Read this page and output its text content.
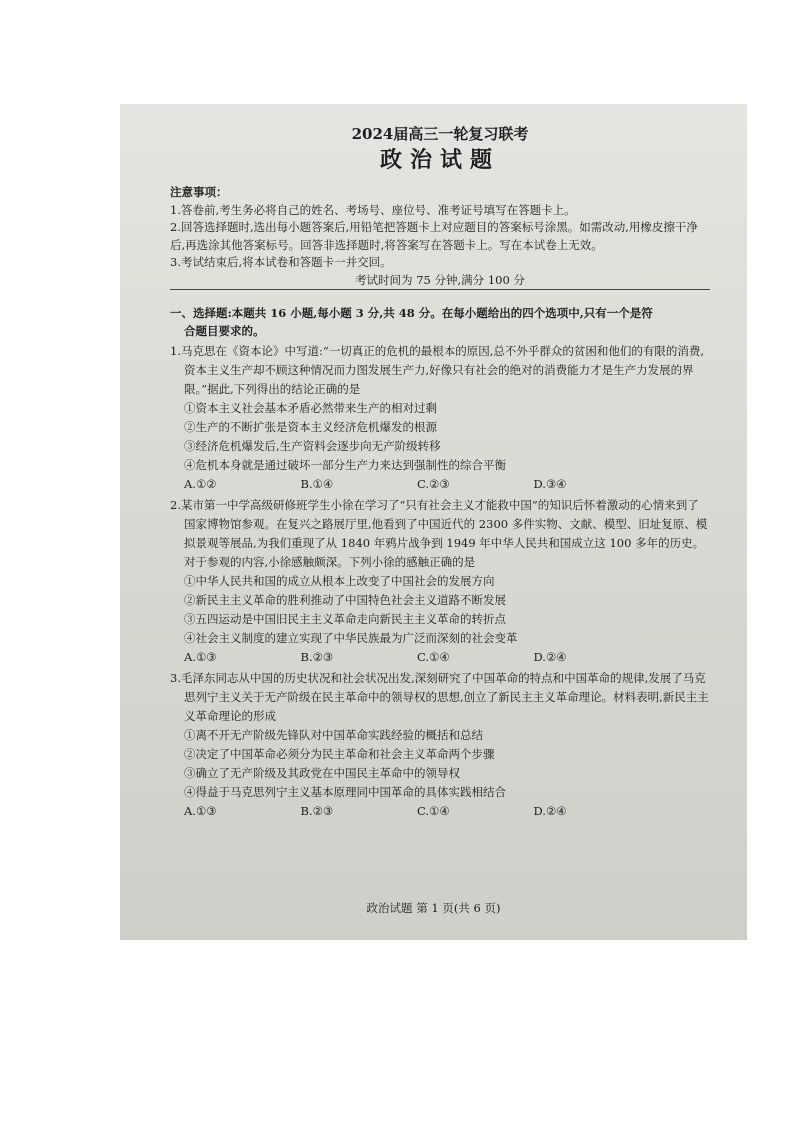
2024届高三一轮复习联考

政治试题

注意事项：

1.答卷前,考生务必将自己的姓名、考场号、座位号、准考证号填写在答题卡上。

2.回答选择题时,选出每小题答案后,用铅笔把答题卡上对应题目的答案标号涂黑。如需改动,用橡皮擦干净后,再选涂其他答案标号。回答非选择题时,将答案写在答题卡上。写在本试卷上无效。

3.考试结束后,将本试卷和答题卡一并交回。

考试时间为 75 分钟,满分 100 分

一、选择题:本题共 16 小题,每小题 3 分,共 48 分。在每小题给出的四个选项中,只有一个是符
合题目要求的。

1.马克思在《资本论》中写道:“一切真正的危机的最根本的原因,总不外乎群众的贫困和他们的有限的消费,资本主义生产却不顾这种情况而力图发展生产力,好像只有社会的绝对的消费能力才是生产力发展的界限。”据此,下列得出的结论正确的是

①资本主义社会基本矛盾必然带来生产的相对过剩

②生产的不断扩张是资本主义经济危机爆发的根源

③经济危机爆发后,生产资料会逐步向无产阶级转移

④危机本身就是通过破坏一部分生产力来达到强制性的综合平衡

A.①②	B.①④	C.②③	D.③④

2.某市第一中学高级研修班学生小徐在学习了“只有社会主义才能救中国”的知识后怀着激动的心情来到了国家博物馆参观。在复兴之路展厅里,他看到了中国近代的 2300 多件实物、文献、模型、旧址复原、模拟景观等展品,为我们重现了从 1840 年鸦片战争到 1949 年中华人民共和国成立这 100 多年的历史。对于参观的内容,小徐感触颇深。下列小徐的感触正确的是

①中华人民共和国的成立从根本上改变了中国社会的发展方向

②新民主主义革命的胜利推动了中国特色社会主义道路不断发展

③五四运动是中国旧民主主义革命走向新民主主义革命的转折点

④社会主义制度的建立实现了中华民族最为广泛而深刻的社会变革

A.①③	B.②③	C.①④	D.②④

3.毛泽东同志从中国的历史状况和社会状况出发,深刻研究了中国革命的特点和中国革命的规律,发展了马克思列宁主义关于无产阶级在民主革命中的领导权的思想,创立了新民主主义革命理论。材料表明,新民主主义革命理论的形成

①离不开无产阶级先锋队对中国革命实践经验的概括和总结

②决定了中国革命必须分为民主革命和社会主义革命两个步骤

③确立了无产阶级及其政党在中国民主革命中的领导权

④得益于马克思列宁主义基本原理同中国革命的具体实践相结合

A.①③	B.②③	C.①④	D.②④
政治试题 第 1 页(共 6 页)
